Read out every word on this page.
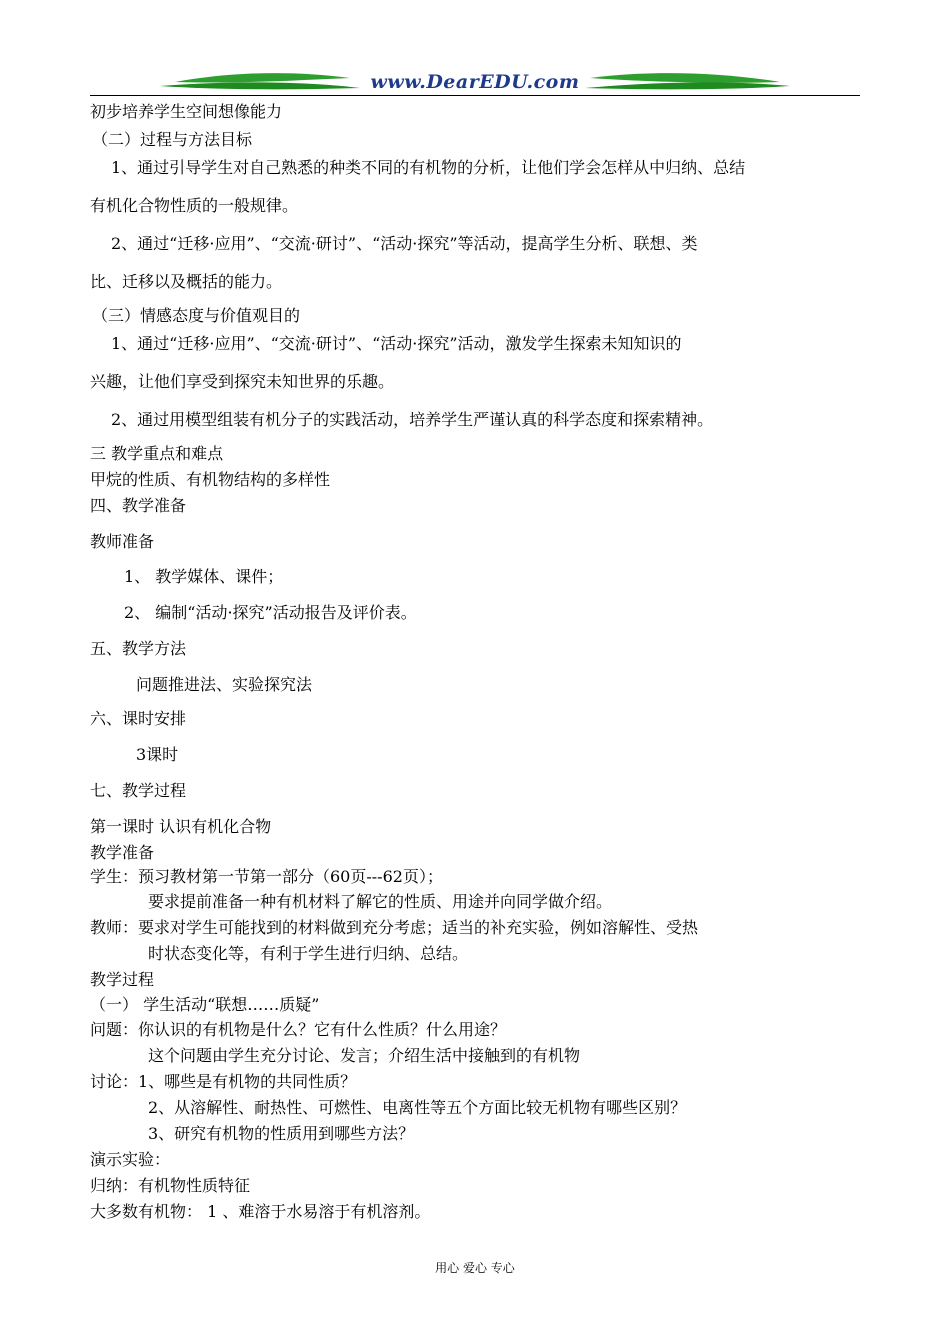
www.DearEDU.com
初步培养学生空间想像能力
（二）过程与方法目标
1、通过引导学生对自己熟悉的种类不同的有机物的分析，让他们学会怎样从中归纳、总结
有机化合物性质的一般规律。
2、通过“迁移·应用”、“交流·研讨”、“活动·探究”等活动，提高学生分析、联想、类
比、迁移以及概括的能力。
（三）情感态度与价值观目的
1、通过“迁移·应用”、“交流·研讨”、“活动·探究”活动，激发学生探索未知知识的
兴趣，让他们享受到探究未知世界的乐趣。
2、通过用模型组装有机分子的实践活动，培养学生严谨认真的科学态度和探索精神。
三 教学重点和难点
甲烷的性质、有机物结构的多样性
四、教学准备
教师准备
1、 教学媒体、课件；
2、 编制“活动·探究”活动报告及评价表。
五、教学方法
问题推进法、实验探究法
六、课时安排
3课时
七、教学过程
第一课时 认识有机化合物
教学准备
学生：预习教材第一节第一部分（60页---62页）；
要求提前准备一种有机材料了解它的性质、用途并向同学做介绍。
教师：要求对学生可能找到的材料做到充分考虑；适当的补充实验，例如溶解性、受热
时状态变化等，有利于学生进行归纳、总结。
教学过程
（一） 学生活动“联想……质疑”
问题：你认识的有机物是什么？它有什么性质？什么用途？
这个问题由学生充分讨论、发言；介绍生活中接触到的有机物
讨论：1、哪些是有机物的共同性质？
2、从溶解性、耐热性、可燃性、电离性等五个方面比较无机物有哪些区别？
3、研究有机物的性质用到哪些方法？
演示实验：
归纳：有机物性质特征
大多数有机物： 1 、难溶于水易溶于有机溶剂。
用心 爱心 专心
